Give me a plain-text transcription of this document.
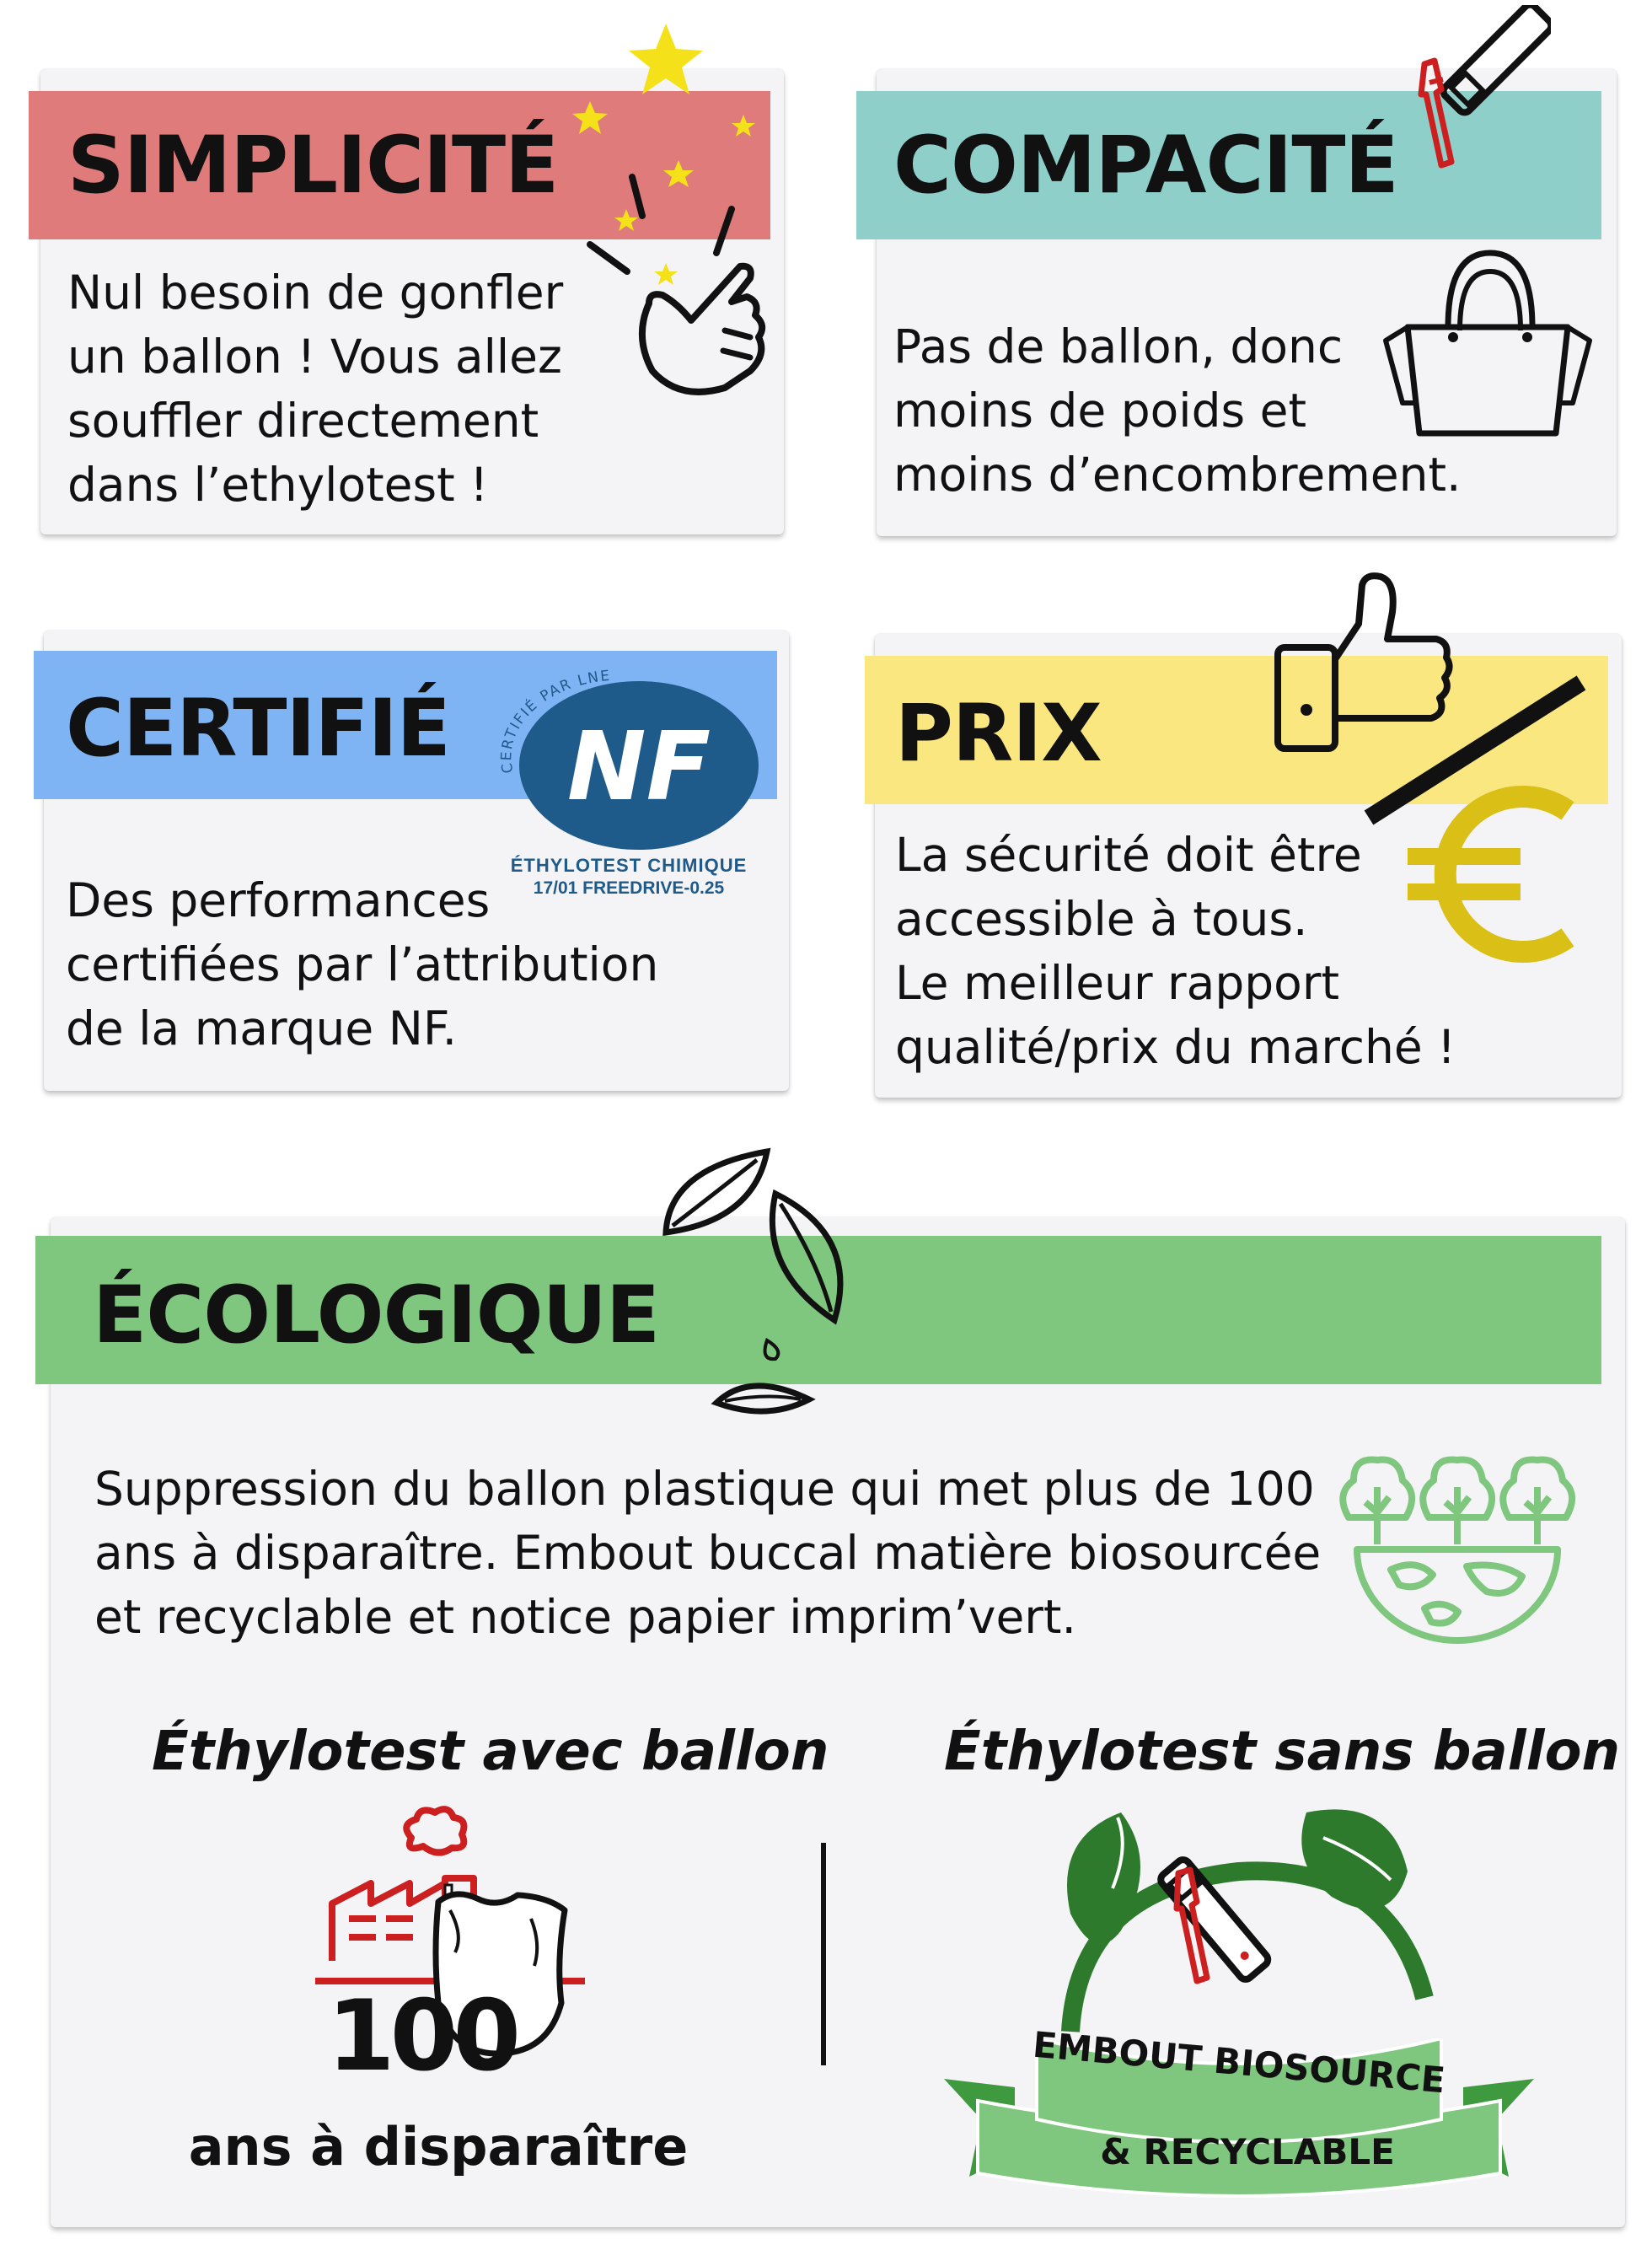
SIMPLICITÉ

Nul besoin de gonfler
un ballon ! Vous allez
souffler directement
dans l’ethylotest !

COMPACITÉ

Pas de ballon, donc
moins de poids et
moins d’encombrement.

CERTIFIÉ

Des performances
certifiées par l’attribution
de la marque NF.

CERTIFIÉ PAR LNE
NF
ÉTHYLOTEST CHIMIQUE
17/01 FREEDRIVE-0.25
PRIX

La sécurité doit être
accessible à tous.
Le meilleur rapport
qualité/prix du marché !

ÉCOLOGIQUE

Suppression du ballon plastique qui met plus de 100
ans à disparaître. Embout buccal matière biosourcée
et recyclable et notice papier imprim’vert.

Éthylotest avec ballon Éthylotest sans ballon
100
ans à disparaître
EMBOUT BIOSOURCE
& RECYCLABLE
